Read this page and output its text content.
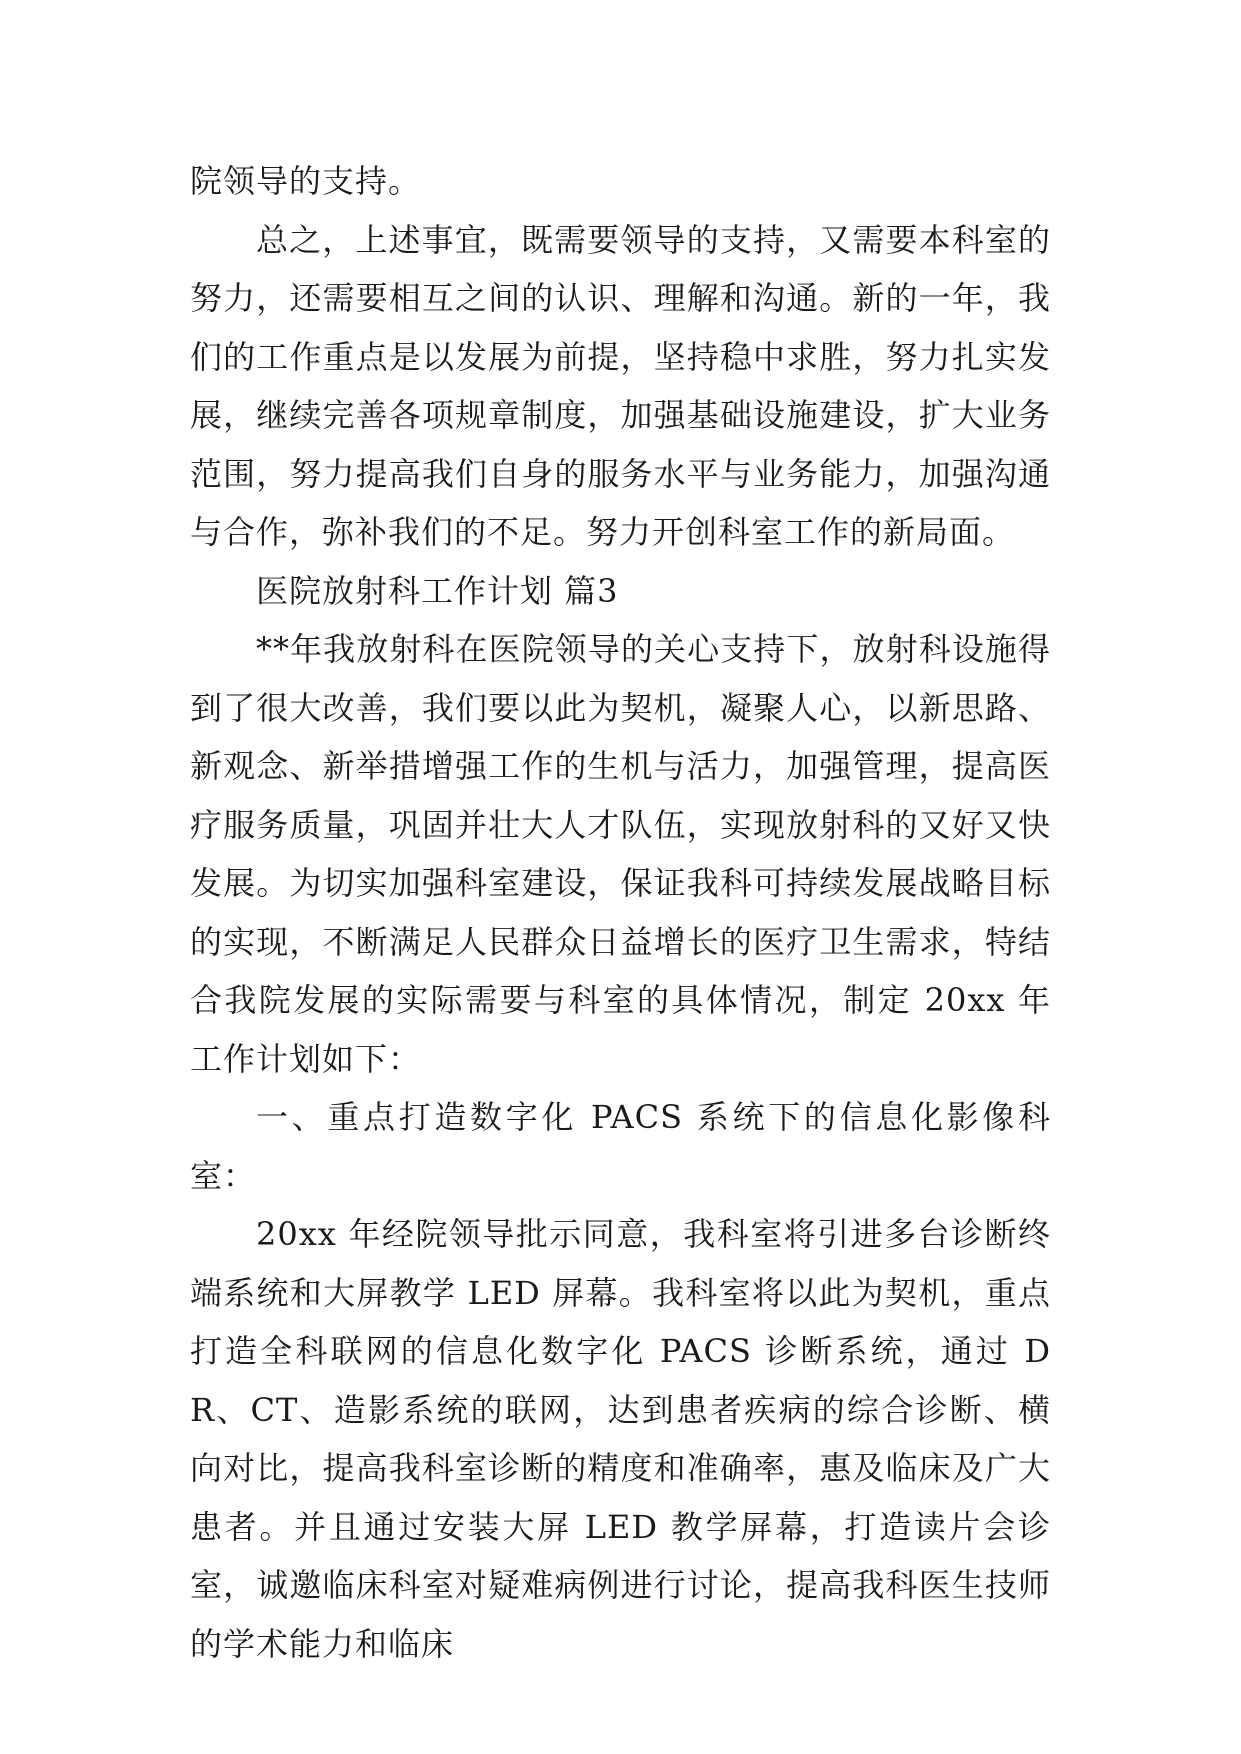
院领导的支持。

总之，上述事宜，既需要领导的支持，又需要本科室的努力，还需要相互之间的认识、理解和沟通。新的一年，我们的工作重点是以发展为前提，坚持稳中求胜，努力扎实发展，继续完善各项规章制度，加强基础设施建设，扩大业务范围，努力提高我们自身的服务水平与业务能力，加强沟通与合作，弥补我们的不足。努力开创科室工作的新局面。

医院放射科工作计划 篇3

**年我放射科在医院领导的关心支持下，放射科设施得到了很大改善，我们要以此为契机，凝聚人心，以新思路、新观念、新举措增强工作的生机与活力，加强管理，提高医疗服务质量，巩固并壮大人才队伍，实现放射科的又好又快发展。为切实加强科室建设，保证我科可持续发展战略目标的实现，不断满足人民群众日益增长的医疗卫生需求，特结合我院发展的实际需要与科室的具体情况，制定 20xx 年工作计划如下：

一、重点打造数字化 PACS 系统下的信息化影像科室：

20xx 年经院领导批示同意，我科室将引进多台诊断终端系统和大屏教学 LED 屏幕。我科室将以此为契机，重点打造全科联网的信息化数字化 PACS 诊断系统，通过 DR、CT、造影系统的联网，达到患者疾病的综合诊断、横向对比，提高我科室诊断的精度和准确率，惠及临床及广大患者。并且通过安装大屏 LED 教学屏幕，打造读片会诊室，诚邀临床科室对疑难病例进行讨论，提高我科医生技师的学术能力和临床
